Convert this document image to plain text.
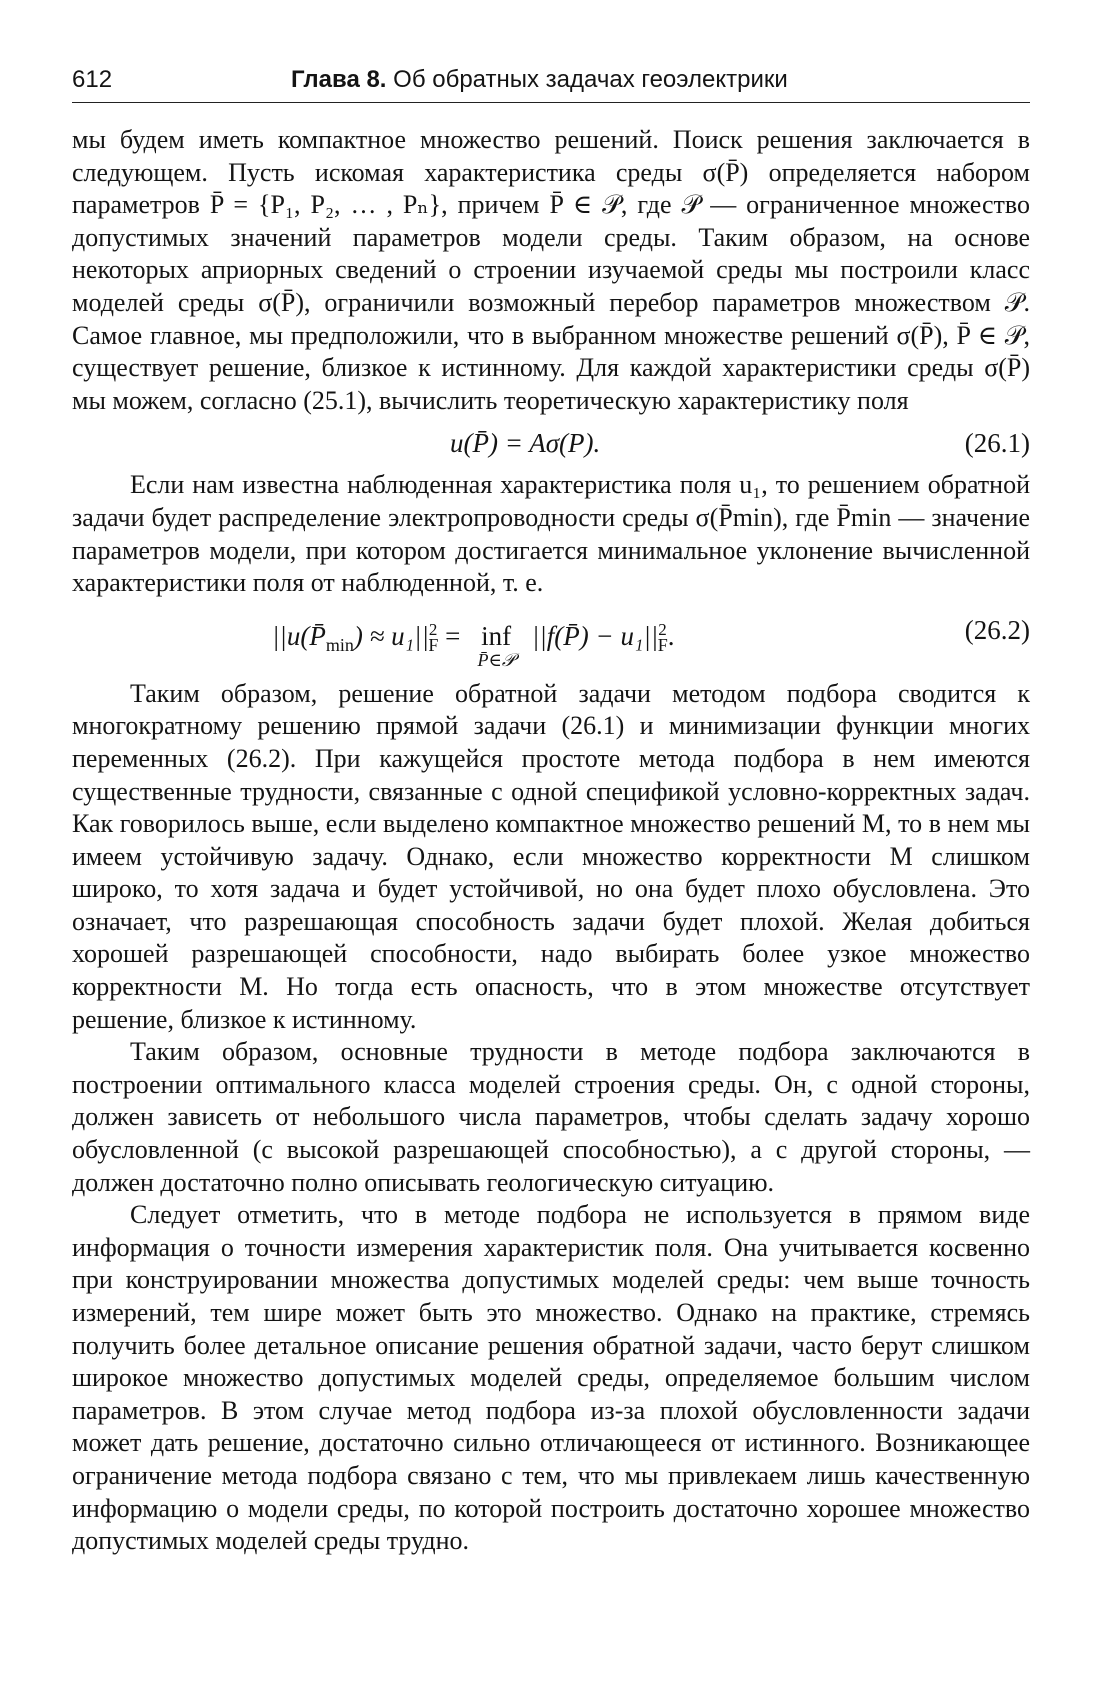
612	Глава 8. Об обратных задачах геоэлектрики

мы будем иметь компактное множество решений. Поиск решения заключается в следующем. Пусть искомая характеристика среды σ(P̄) определяется набором параметров P̄ = {P₁, P₂, … , Pₙ}, причем P̄ ∈ 𝒫, где 𝒫 — ограниченное множество допустимых значений параметров модели среды. Таким образом, на основе некоторых априорных сведений о строении изучаемой среды мы построили класс моделей среды σ(P̄), ограничили возможный перебор параметров множеством 𝒫. Самое главное, мы предположили, что в выбранном множестве решений σ(P̄), P̄ ∈ 𝒫, существует решение, близкое к истинному. Для каждой характеристики среды σ(P̄) мы можем, согласно (25.1), вычислить теоретическую характеристику поля

u(P̄) = Aσ(P).	(26.1)

Если нам известна наблюденная характеристика поля u₁, то решением обратной задачи будет распределение электропроводности среды σ(P̄min), где P̄min — значение параметров модели, при котором достигается минимальное уклонение вычисленной характеристики поля от наблюденной, т. е.

$||u(P̄_{min}) \approx u_1||^2_F$ = inf
P̄∈𝒫
||f(P̄) − $u_1||^2_F$.	(26.2)

Таким образом, решение обратной задачи методом подбора сводится к многократному решению прямой задачи (26.1) и минимизации функции многих переменных (26.2). При кажущейся простоте метода подбора в нем имеются существенные трудности, связанные с одной спецификой условно-корректных задач. Как говорилось выше, если выделено компактное множество решений M, то в нем мы имеем устойчивую задачу. Однако, если множество корректности M слишком широко, то хотя задача и будет устойчивой, но она будет плохо обусловлена. Это означает, что разрешающая способность задачи будет плохой. Желая добиться хорошей разрешающей способности, надо выбирать более узкое множество корректности M. Но тогда есть опасность, что в этом множестве отсутствует решение, близкое к истинному.

Таким образом, основные трудности в методе подбора заключаются в построении оптимального класса моделей строения среды. Он, с одной стороны, должен зависеть от небольшого числа параметров, чтобы сделать задачу хорошо обусловленной (с высокой разрешающей способностью), а с другой стороны, — должен достаточно полно описывать геологическую ситуацию.

Следует отметить, что в методе подбора не используется в прямом виде информация о точности измерения характеристик поля. Она учитывается косвенно при конструировании множества допустимых моделей среды: чем выше точность измерений, тем шире может быть это множество. Однако на практике, стремясь получить более детальное описание решения обратной задачи, часто берут слишком широкое множество допустимых моделей среды, определяемое большим числом параметров. В этом случае метод подбора из-за плохой обусловленности задачи может дать решение, достаточно сильно отличающееся от истинного. Возникающее ограничение метода подбора связано с тем, что мы привлекаем лишь качественную информацию о модели среды, по которой построить достаточно хорошее множество допустимых моделей среды трудно.
